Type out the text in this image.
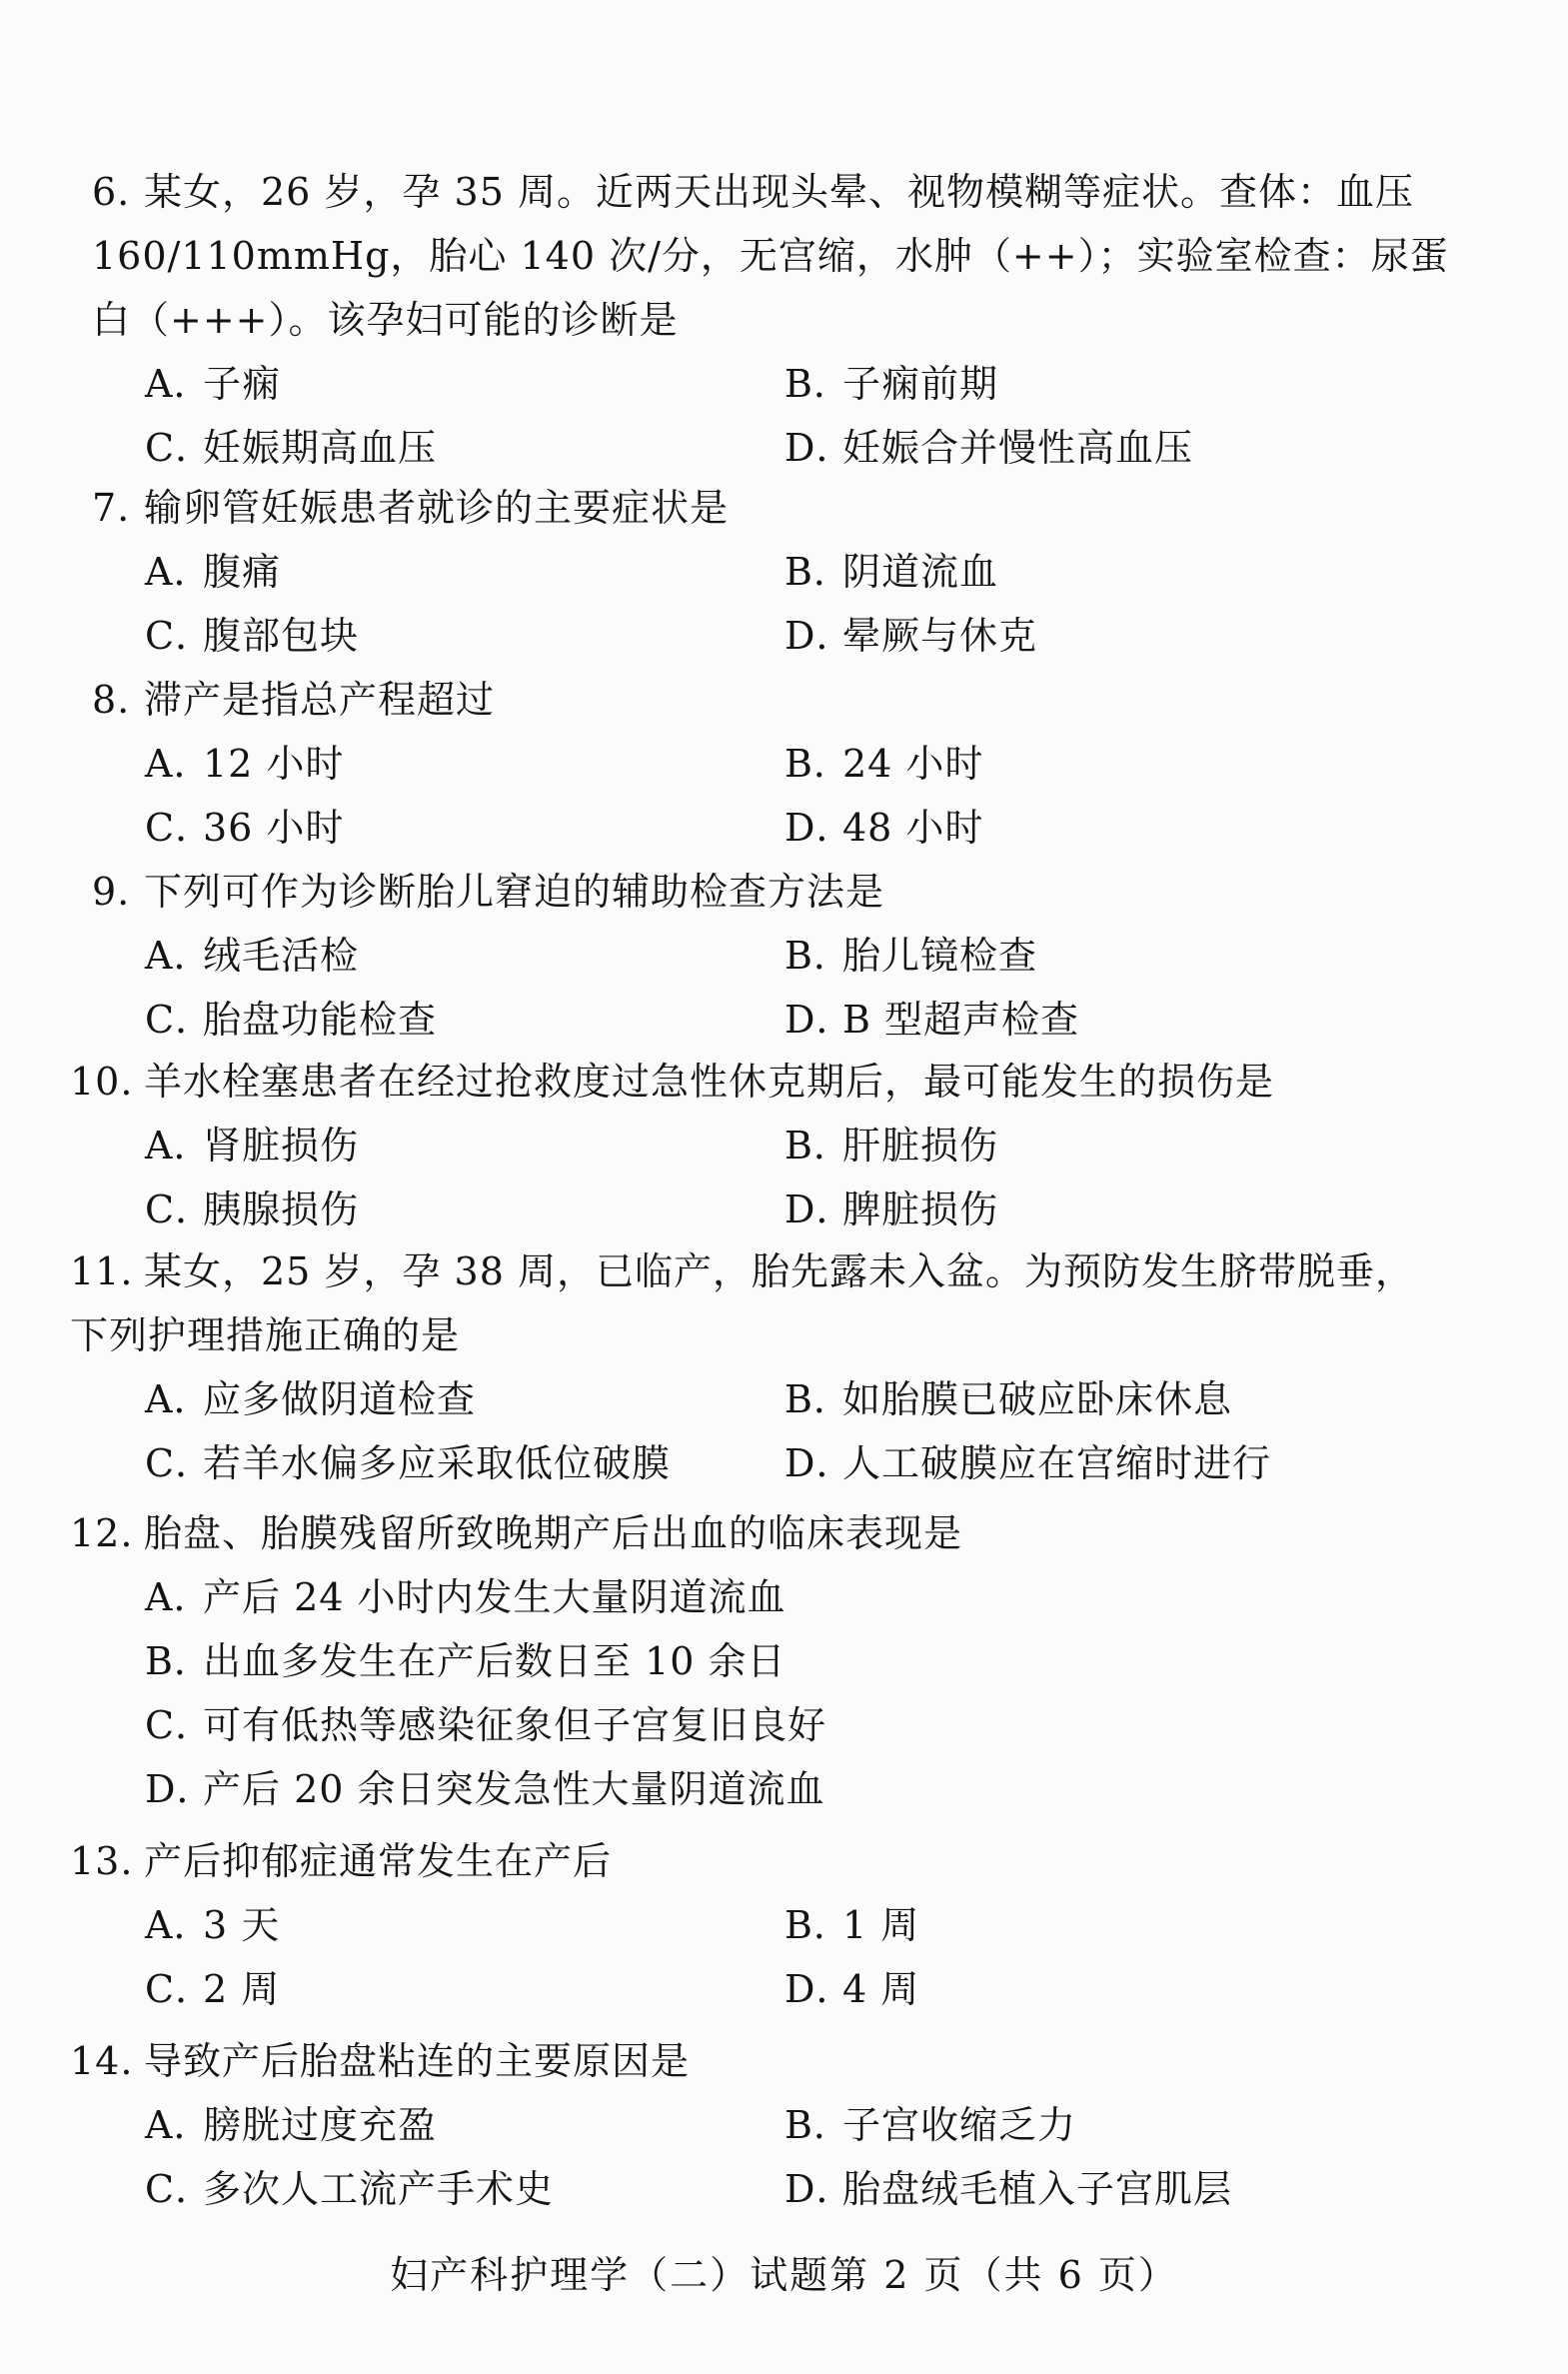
6. 某女，26 岁，孕 35 周。近两天出现头晕、视物模糊等症状。查体：血压 160/110mmHg，胎心 140 次/分，无宫缩，水肿（++）；实验室检查：尿蛋白（+++）。该孕妇可能的诊断是
A．子痫	B．子痫前期
C．妊娠期高血压	D．妊娠合并慢性高血压
7. 输卵管妊娠患者就诊的主要症状是
A．腹痛	B．阴道流血
C．腹部包块	D．晕厥与休克
8. 滞产是指总产程超过
A．12 小时	B．24 小时
C．36 小时	D．48 小时
9. 下列可作为诊断胎儿窘迫的辅助检查方法是
A．绒毛活检	B．胎儿镜检查
C．胎盘功能检查	D．B 型超声检查
10. 羊水栓塞患者在经过抢救度过急性休克期后，最可能发生的损伤是
A．肾脏损伤	B．肝脏损伤
C．胰腺损伤	D．脾脏损伤
11. 某女，25 岁，孕 38 周，已临产，胎先露未入盆。为预防发生脐带脱垂，下列护理措施正确的是
A．应多做阴道检查	B．如胎膜已破应卧床休息
C．若羊水偏多应采取低位破膜	D．人工破膜应在宫缩时进行
12. 胎盘、胎膜残留所致晚期产后出血的临床表现是
A．产后 24 小时内发生大量阴道流血
B．出血多发生在产后数日至 10 余日
C．可有低热等感染征象但子宫复旧良好
D．产后 20 余日突发急性大量阴道流血
13. 产后抑郁症通常发生在产后
A．3 天	B．1 周
C．2 周	D．4 周
14. 导致产后胎盘粘连的主要原因是
A．膀胱过度充盈	B．子宫收缩乏力
C．多次人工流产手术史	D．胎盘绒毛植入子宫肌层
妇产科护理学（二）试题第 2 页（共 6 页）
